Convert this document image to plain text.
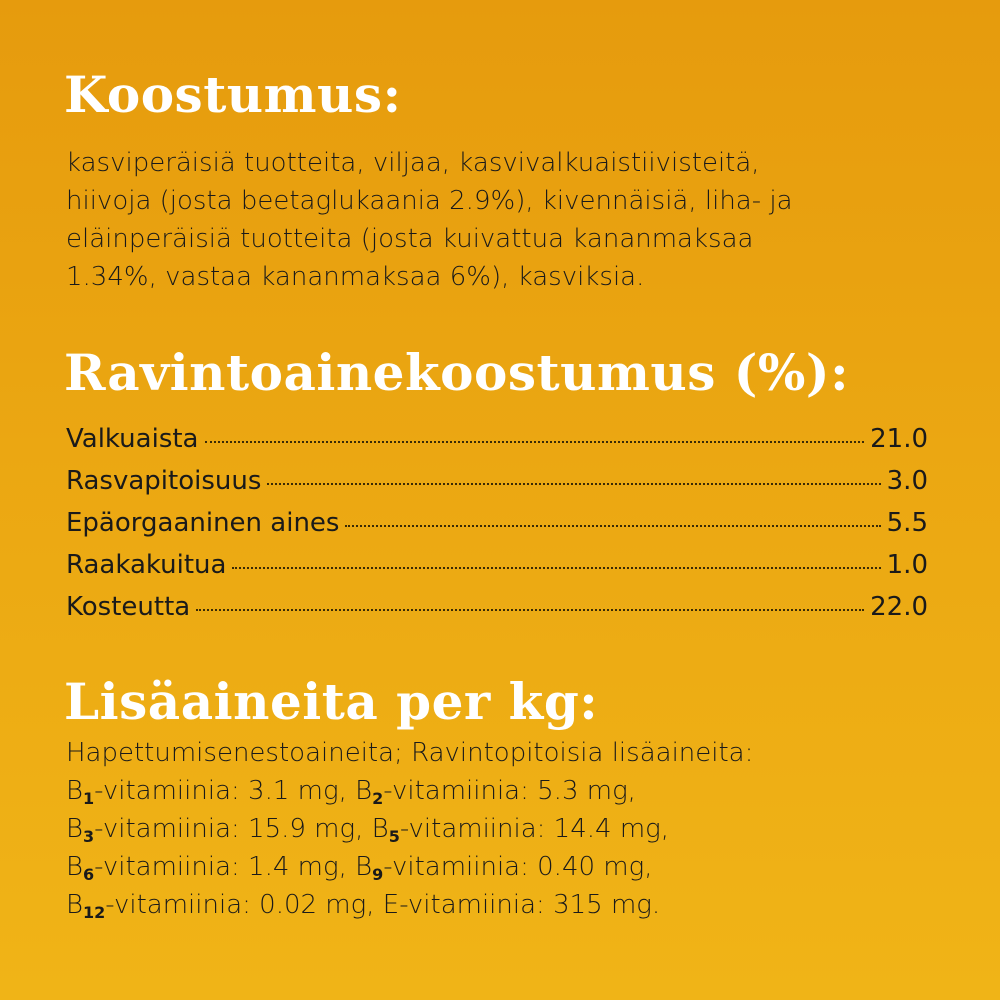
Koostumus:

kasviperäisiä tuotteita, viljaa, kasvivalkuaistiivisteitä,
hiivoja (josta beetaglukaania 2.9%), kivennäisiä, liha- ja
eläinperäisiä tuotteita (josta kuivattua kananmaksaa
1.34%, vastaa kananmaksaa 6%), kasviksia.

Ravintoainekoostumus (%):
Valkuaista	21.0
Rasvapitoisuus	3.0
Epäorgaaninen aines	5.5
Raakakuitua	1.0
Kosteutta	22.0
Lisäaineita per kg:

Hapettumisenestoaineita; Ravintopitoisia lisäaineita:
$B_1$-vitamiinia: 3.1 mg, $B_2$-vitamiinia: 5.3 mg,
$B_3$-vitamiinia: 15.9 mg, $B_5$-vitamiinia: 14.4 mg,
$B_6$-vitamiinia: 1.4 mg, $B_9$-vitamiinia: 0.40 mg,
$B_{12}$-vitamiinia: 0.02 mg, E-vitamiinia: 315 mg.
